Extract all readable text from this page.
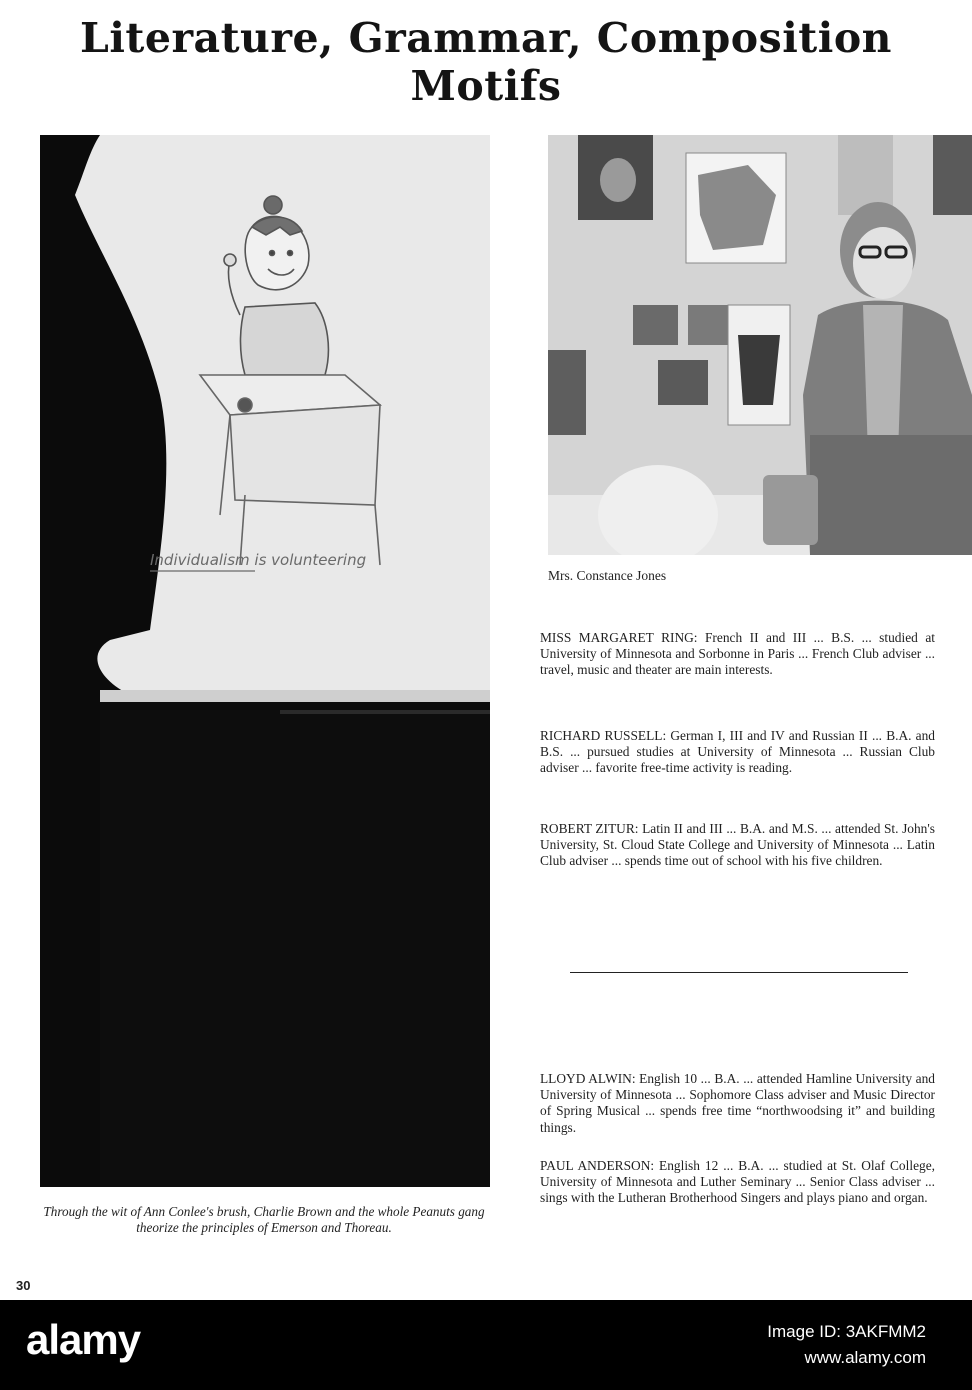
Literature, Grammar, Composition Motifs
Individualism is volunteering
Through the wit of Ann Conlee's brush, Charlie Brown and the whole Peanuts gang theorize the principles of Emerson and Thoreau.
Mrs. Constance Jones

MISS MARGARET RING: French II and III ... B.S. ... studied at University of Minnesota and Sorbonne in Paris ... French Club adviser ... travel, music and theater are main interests.

RICHARD RUSSELL: German I, III and IV and Russian II ... B.A. and B.S. ... pursued studies at University of Minnesota ... Russian Club adviser ... favorite free-time activity is reading.

ROBERT ZITUR: Latin II and III ... B.A. and M.S. ... attended St. John's University, St. Cloud State College and University of Minnesota ... Latin Club adviser ... spends time out of school with his five children.

LLOYD ALWIN: English 10 ... B.A. ... attended Hamline University and University of Minnesota ... Sophomore Class adviser and Music Director of Spring Musical ... spends free time “northwoodsing it” and building things.

PAUL ANDERSON: English 12 ... B.A. ... studied at St. Olaf College, University of Minnesota and Luther Seminary ... Senior Class adviser ... sings with the Lutheran Brotherhood Singers and plays piano and organ.

30
alamy	Image ID: 3AKFMM2
www.alamy.com
